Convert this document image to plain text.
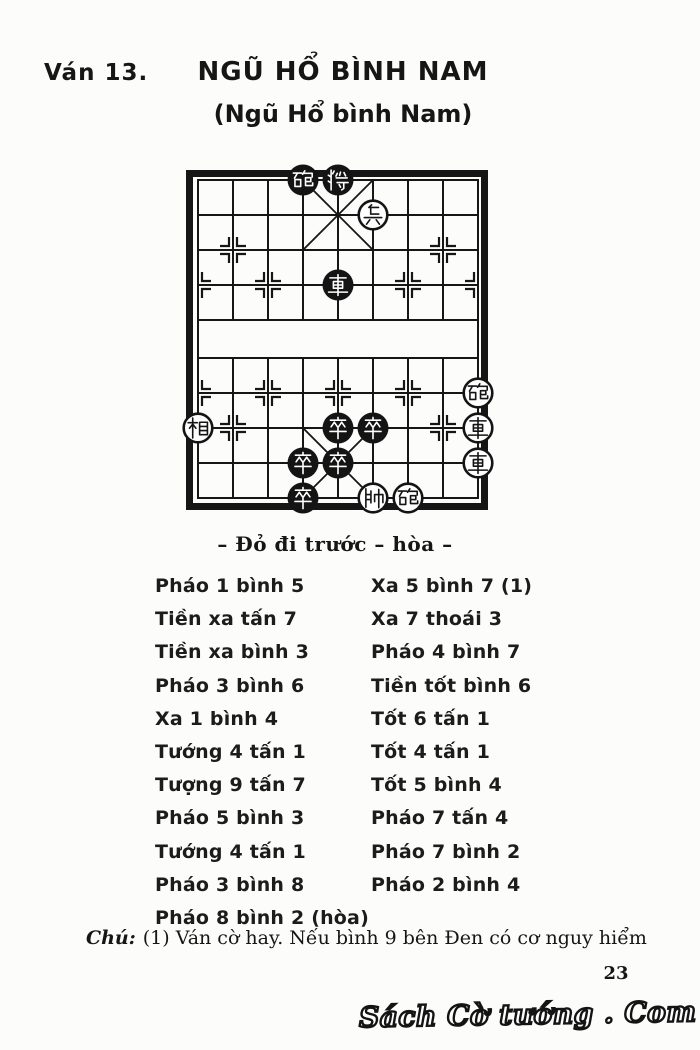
Ván 13.	NGŨ HỔ BÌNH NAM
(Ngũ Hổ bình Nam)
– Đỏ đi trước – hòa –
Pháo 1 bình 5
Tiền xa tấn 7
Tiền xa bình 3
Pháo 3 bình 6
Xa 1 bình 4
Tướng 4 tấn 1
Tượng 9 tấn 7
Pháo 5 bình 3
Tướng 4 tấn 1
Pháo 3 bình 8
Pháo 8 bình 2 (hòa)
Xa 5 bình 7 (1)
Xa 7 thoái 3
Pháo 4 bình 7
Tiền tốt bình 6
Tốt 6 tấn 1
Tốt 4 tấn 1
Tốt 5 bình 4
Pháo 7 tấn 4
Pháo 7 bình 2
Pháo 2 bình 4
Chú: (1) Ván cờ hay. Nếu bình 9 bên Đen có cơ nguy hiểm
23
Sách Cờ tướng . Com
